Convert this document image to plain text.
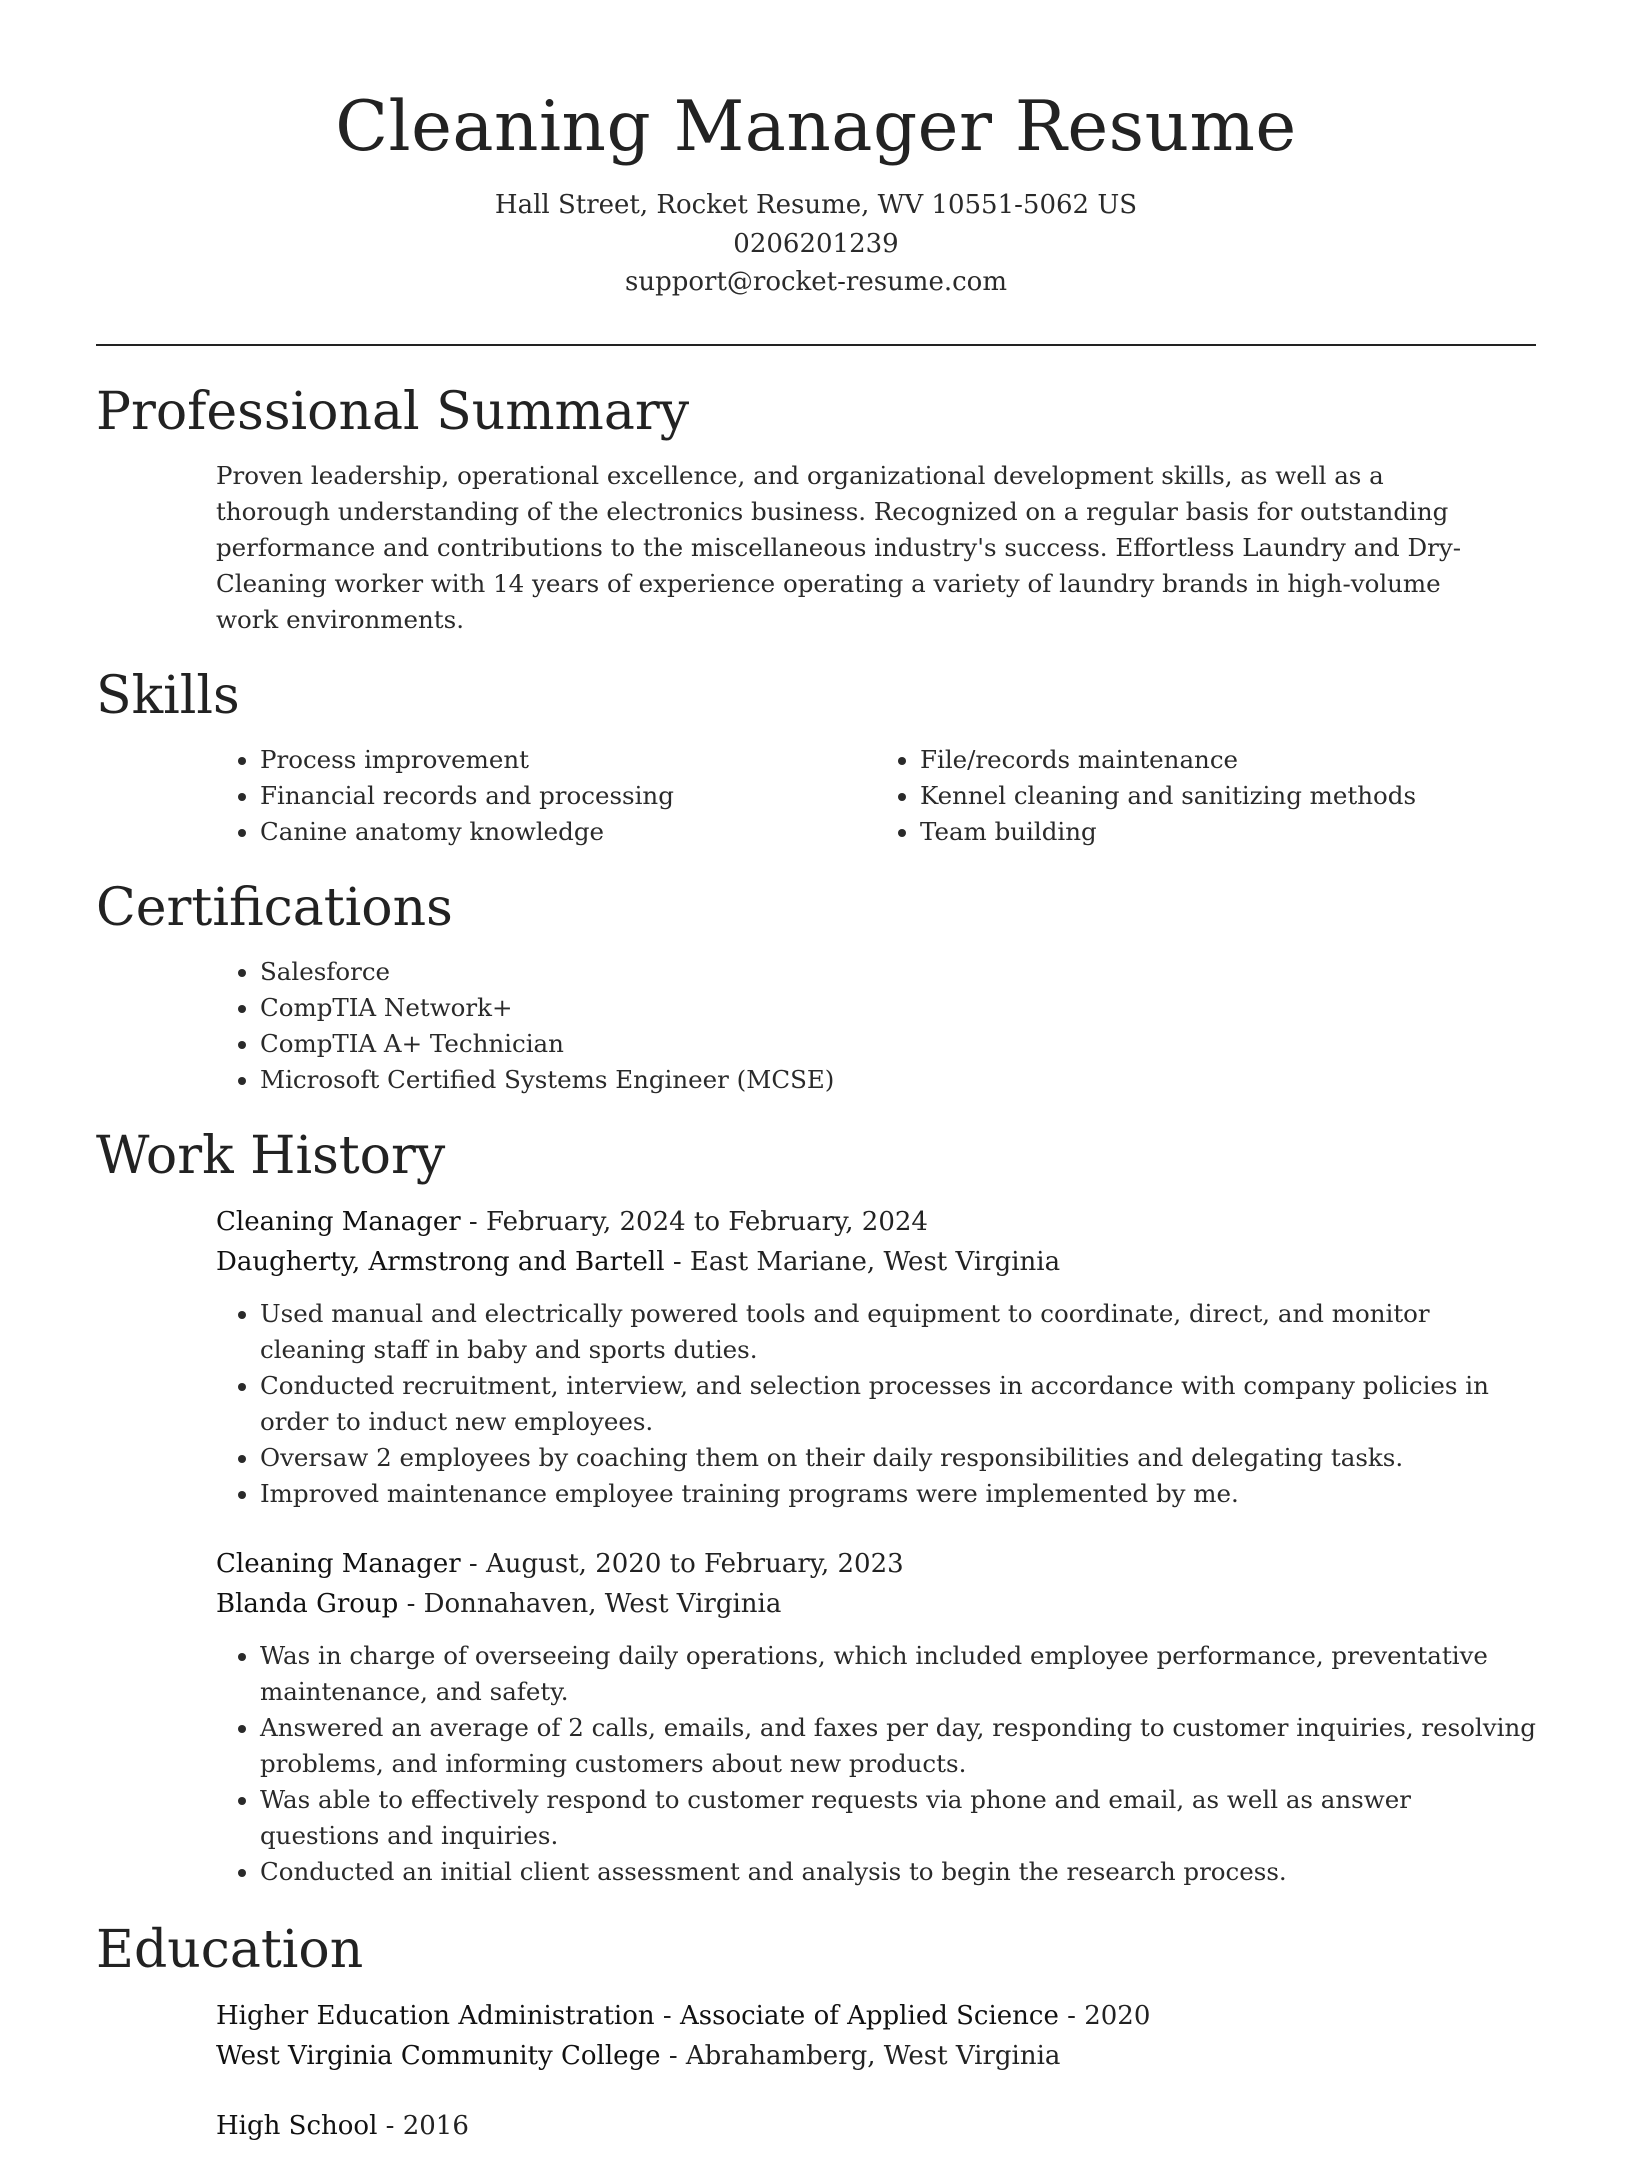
Cleaning Manager Resume
Hall Street, Rocket Resume, WV 10551-5062 US
0206201239
support@rocket-resume.com
Professional Summary

Proven leadership, operational excellence, and organizational development skills, as well as a thorough understanding of the electronics business. Recognized on a regular basis for outstanding performance and contributions to the miscellaneous industry's success. Effortless Laundry and Dry-Cleaning worker with 14 years of experience operating a variety of laundry brands in high-volume work environments.

Skills
• Process improvement
• Financial records and processing
• Canine anatomy knowledge
• File/records maintenance
• Kennel cleaning and sanitizing methods
• Team building
Certifications
• Salesforce
• CompTIA Network+
• CompTIA A+ Technician
• Microsoft Certified Systems Engineer (MCSE)
Work History
Cleaning Manager - February, 2024 to February, 2024
Daugherty, Armstrong and Bartell - East Mariane, West Virginia
• Used manual and electrically powered tools and equipment to coordinate, direct, and monitor cleaning staff in baby and sports duties.
• Conducted recruitment, interview, and selection processes in accordance with company policies in order to induct new employees.
• Oversaw 2 employees by coaching them on their daily responsibilities and delegating tasks.
• Improved maintenance employee training programs were implemented by me.
Cleaning Manager - August, 2020 to February, 2023
Blanda Group - Donnahaven, West Virginia
• Was in charge of overseeing daily operations, which included employee performance, preventative maintenance, and safety.
• Answered an average of 2 calls, emails, and faxes per day, responding to customer inquiries, resolving problems, and informing customers about new products.
• Was able to effectively respond to customer requests via phone and email, as well as answer questions and inquiries.
• Conducted an initial client assessment and analysis to begin the research process.
Education
Higher Education Administration - Associate of Applied Science - 2020
West Virginia Community College - Abrahamberg, West Virginia
High School - 2016
